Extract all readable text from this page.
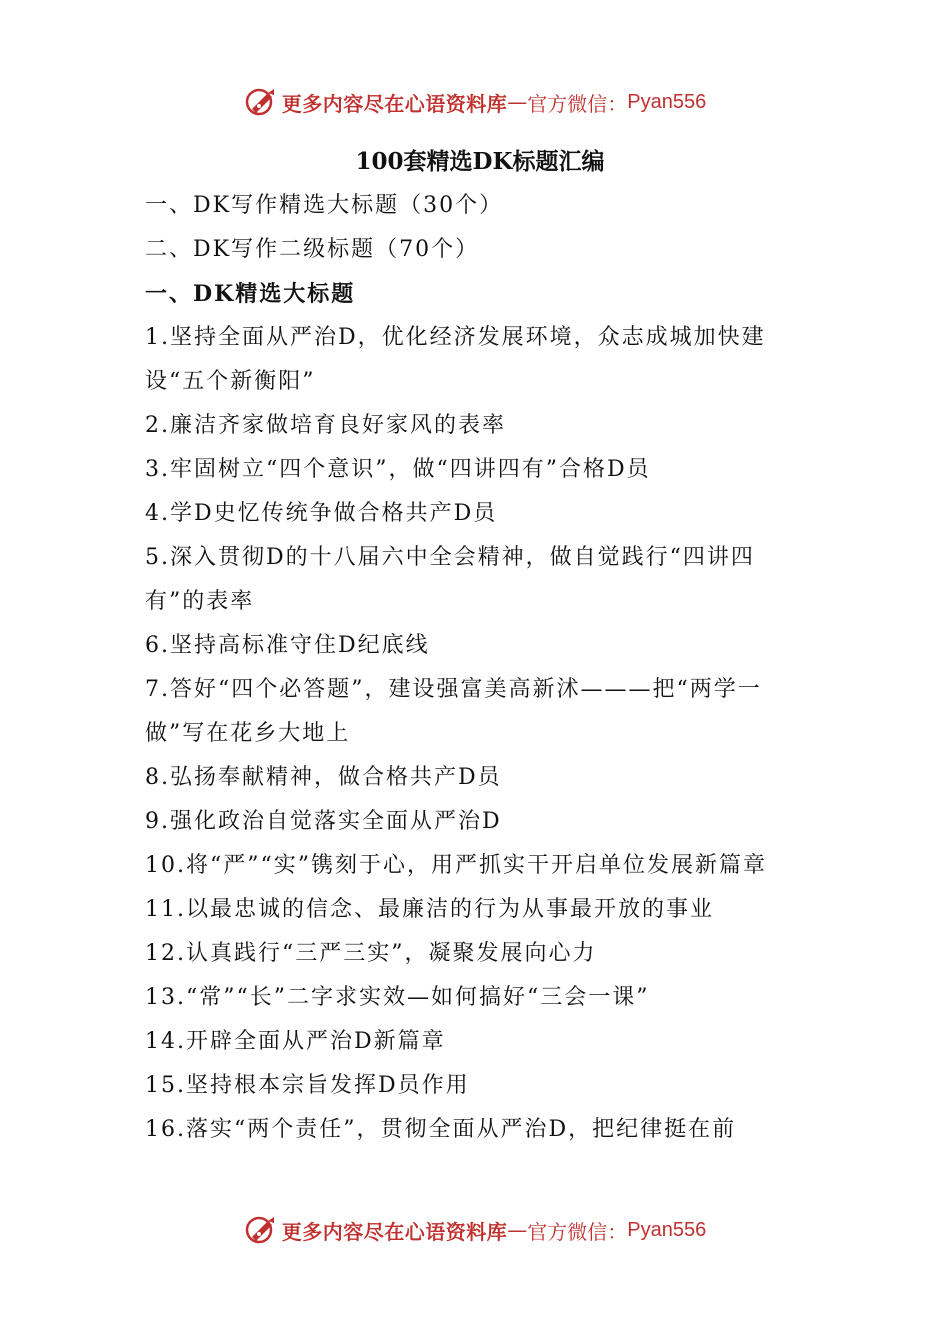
更多内容尽在心语资料库 — 官方微信： Pyan556
100套精选DK标题汇编

一、DK写作精选大标题（30个）

二、DK写作二级标题（70个）

一、DK精选大标题

1.坚持全面从严治D，优化经济发展环境，众志成城加快建设“五个新衡阳”

2.廉洁齐家做培育良好家风的表率

3.牢固树立“四个意识”，做“四讲四有”合格D员

4.学D史忆传统争做合格共产D员

5.深入贯彻D的十八届六中全会精神，做自觉践行“四讲四有”的表率

6.坚持高标准守住D纪底线

7.答好“四个必答题”，建设强富美高新沭———把“两学一做”写在花乡大地上

8.弘扬奉献精神，做合格共产D员

9.强化政治自觉落实全面从严治D

10.将“严”“实”镌刻于心，用严抓实干开启单位发展新篇章

11.以最忠诚的信念、最廉洁的行为从事最开放的事业

12.认真践行“三严三实”，凝聚发展向心力

13.“常”“长”二字求实效—如何搞好“三会一课”

14.开辟全面从严治D新篇章

15.坚持根本宗旨发挥D员作用

16.落实“两个责任”，贯彻全面从严治D，把纪律挺在前

更多内容尽在心语资料库 — 官方微信： Pyan556
